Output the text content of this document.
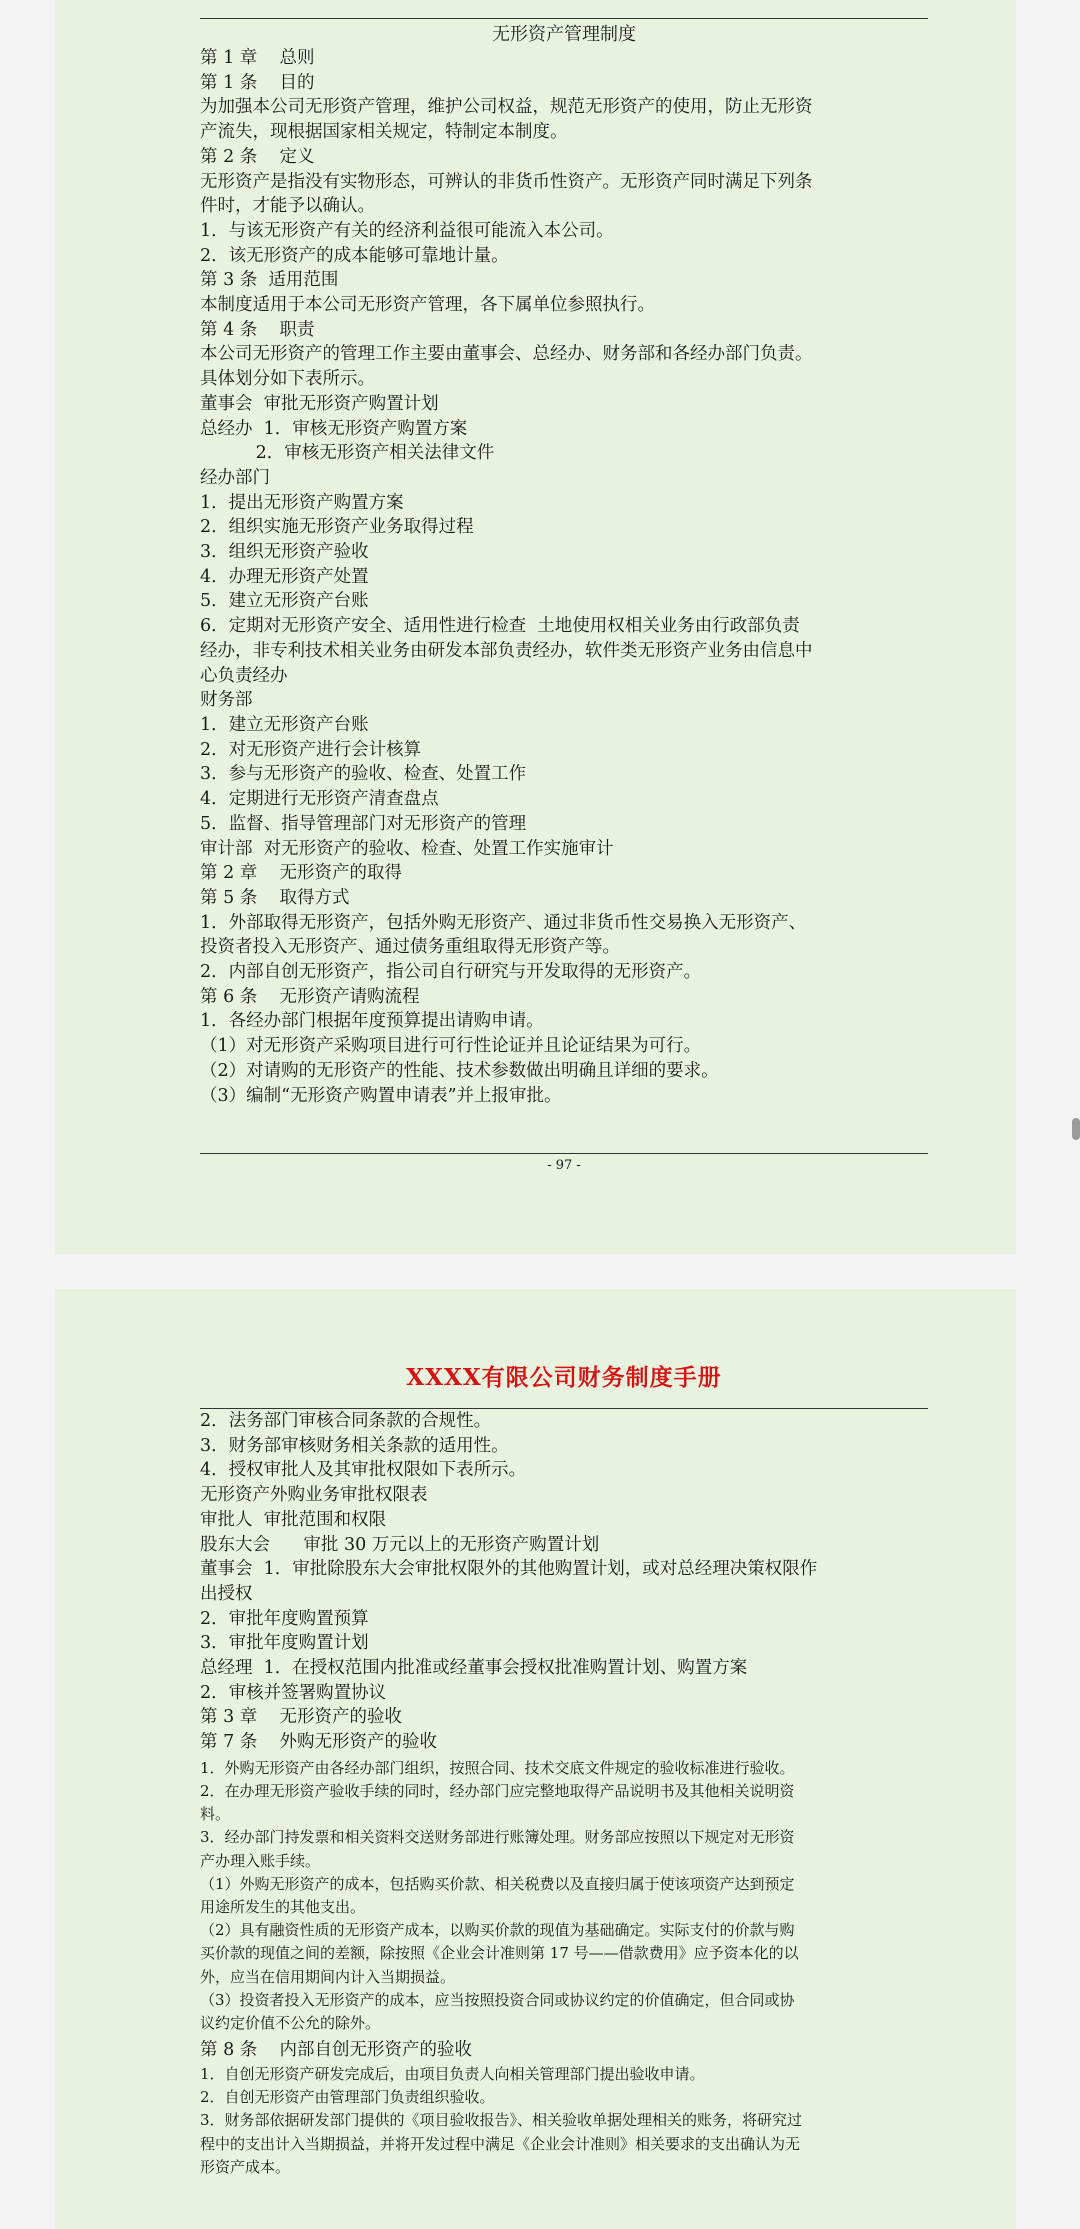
无形资产管理制度
第 1 章    总则
第 1 条    目的
为加强本公司无形资产管理，维护公司权益，规范无形资产的使用，防止无形资
产流失，现根据国家相关规定，特制定本制度。
第 2 条    定义
无形资产是指没有实物形态，可辨认的非货币性资产。无形资产同时满足下列条
件时，才能予以确认。
1．与该无形资产有关的经济利益很可能流入本公司。
2．该无形资产的成本能够可靠地计量。
第 3 条  适用范围
本制度适用于本公司无形资产管理，各下属单位参照执行。
第 4 条    职责
本公司无形资产的管理工作主要由董事会、总经办、财务部和各经办部门负责。
具体划分如下表所示。
董事会  审批无形资产购置计划
总经办  1．审核无形资产购置方案
2．审核无形资产相关法律文件
经办部门
1．提出无形资产购置方案
2．组织实施无形资产业务取得过程
3．组织无形资产验收
4．办理无形资产处置
5．建立无形资产台账
6．定期对无形资产安全、适用性进行检查  土地使用权相关业务由行政部负责
经办，非专利技术相关业务由研发本部负责经办，软件类无形资产业务由信息中
心负责经办
财务部
1．建立无形资产台账
2．对无形资产进行会计核算
3．参与无形资产的验收、检查、处置工作
4．定期进行无形资产清查盘点
5．监督、指导管理部门对无形资产的管理
审计部  对无形资产的验收、检查、处置工作实施审计
第 2 章    无形资产的取得
第 5 条    取得方式
1．外部取得无形资产，包括外购无形资产、通过非货币性交易换入无形资产、
投资者投入无形资产、通过债务重组取得无形资产等。
2．内部自创无形资产，指公司自行研究与开发取得的无形资产。
第 6 条    无形资产请购流程
1．各经办部门根据年度预算提出请购申请。
（1）对无形资产采购项目进行可行性论证并且论证结果为可行。
（2）对请购的无形资产的性能、技术参数做出明确且详细的要求。
（3）编制“无形资产购置申请表”并上报审批。
- 97 -
XXXX有限公司财务制度手册
2．法务部门审核合同条款的合规性。
3．财务部审核财务相关条款的适用性。
4．授权审批人及其审批权限如下表所示。
无形资产外购业务审批权限表
审批人  审批范围和权限
股东大会      审批 30 万元以上的无形资产购置计划
董事会  1．审批除股东大会审批权限外的其他购置计划，或对总经理决策权限作
出授权
2．审批年度购置预算
3．审批年度购置计划
总经理  1．在授权范围内批准或经董事会授权批准购置计划、购置方案
2．审核并签署购置协议
第 3 章    无形资产的验收
第 7 条    外购无形资产的验收
1．外购无形资产由各经办部门组织，按照合同、技术交底文件规定的验收标准进行验收。
2．在办理无形资产验收手续的同时，经办部门应完整地取得产品说明书及其他相关说明资
料。
3．经办部门持发票和相关资料交送财务部进行账簿处理。财务部应按照以下规定对无形资
产办理入账手续。
（1）外购无形资产的成本，包括购买价款、相关税费以及直接归属于使该项资产达到预定
用途所发生的其他支出。
（2）具有融资性质的无形资产成本，以购买价款的现值为基础确定。实际支付的价款与购
买价款的现值之间的差额，除按照《企业会计准则第 17 号——借款费用》应予资本化的以
外，应当在信用期间内计入当期损益。
（3）投资者投入无形资产的成本，应当按照投资合同或协议约定的价值确定，但合同或协
议约定价值不公允的除外。
第 8 条    内部自创无形资产的验收
1．自创无形资产研发完成后，由项目负责人向相关管理部门提出验收申请。
2．自创无形资产由管理部门负责组织验收。
3．财务部依据研发部门提供的《项目验收报告》、相关验收单据处理相关的账务，将研究过
程中的支出计入当期损益，并将开发过程中满足《企业会计准则》相关要求的支出确认为无
形资产成本。
